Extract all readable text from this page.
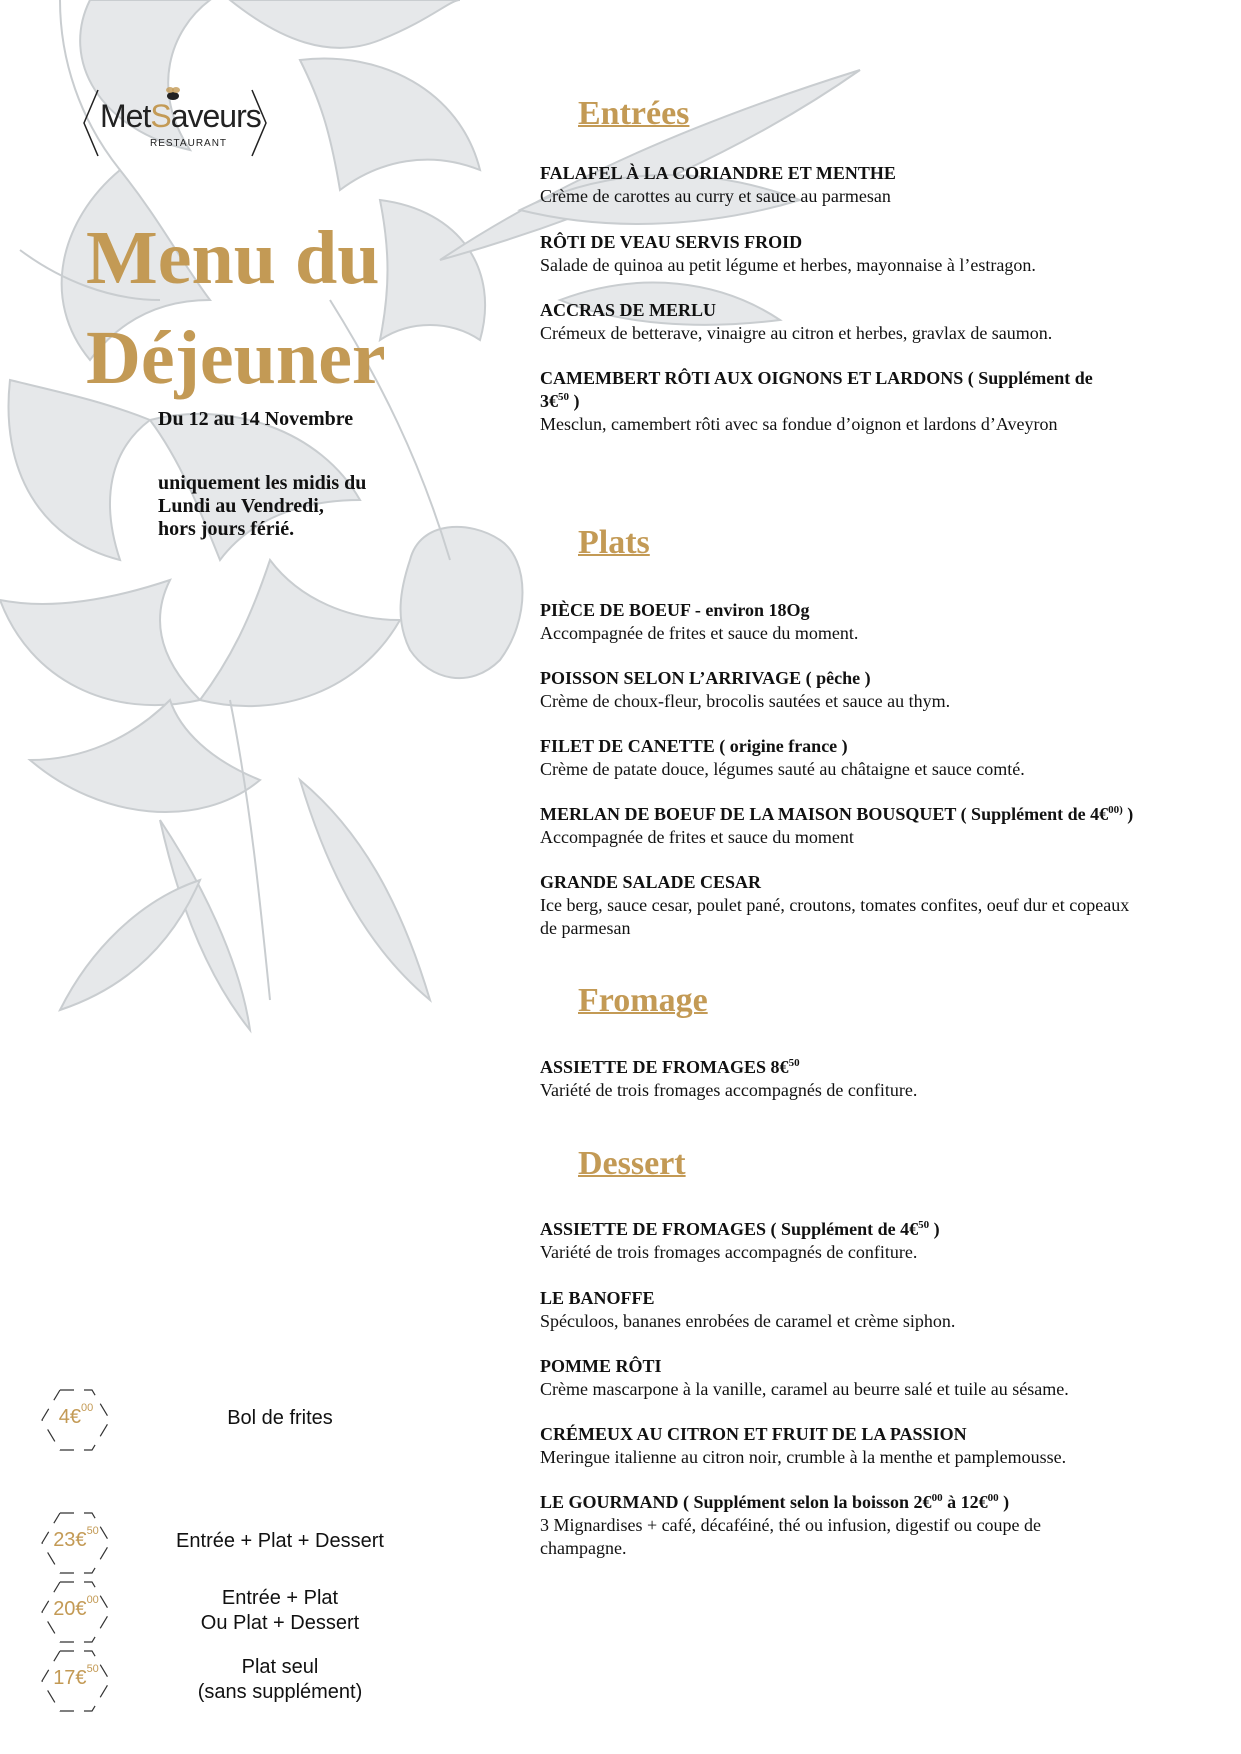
MetSaveurs
RESTAURANT
Menu du
Déjeuner
Du 12 au 14 Novembre
uniquement les midis du
Lundi au Vendredi,
hors jours férié.
Entrées
FALAFEL À LA CORIANDRE ET MENTHE
Crème de carottes au curry et sauce au parmesan
RÔTI DE VEAU SERVIS FROID
Salade de quinoa au petit légume et herbes, mayonnaise à l’estragon.
ACCRAS DE MERLU
Crémeux de betterave, vinaigre au citron et herbes, gravlax de saumon.
CAMEMBERT RÔTI AUX OIGNONS ET LARDONS ( Supplément de
3€$^{50}$ )
Mesclun, camembert rôti avec sa fondue d’oignon et lardons d’Aveyron
Plats
PIÈCE DE BOEUF - environ 18Og
Accompagnée de frites et sauce du moment.
POISSON SELON L’ARRIVAGE ( pêche )
Crème de choux-fleur, brocolis sautées et sauce au thym.
FILET DE CANETTE ( origine france )
Crème de patate douce, légumes sauté au châtaigne et sauce comté.
MERLAN DE BOEUF DE LA MAISON BOUSQUET ( Supplément de 4€$^{00)}$ )
Accompagnée de frites et sauce du moment
GRANDE SALADE CESAR
Ice berg, sauce cesar, poulet pané, croutons, tomates confites, oeuf dur et copeaux
de parmesan
Fromage
ASSIETTE DE FROMAGES 8€$^{50}$
Variété de trois fromages accompagnés de confiture.
Dessert
ASSIETTE DE FROMAGES ( Supplément de 4€$^{50}$ )
Variété de trois fromages accompagnés de confiture.
LE BANOFFE
Spéculoos, bananes enrobées de caramel et crème siphon.
POMME RÔTI
Crème mascarpone à la vanille, caramel au beurre salé et tuile au sésame.
CRÉMEUX AU CITRON ET FRUIT DE LA PASSION
Meringue italienne au citron noir, crumble à la menthe et pamplemousse.
LE GOURMAND ( Supplément selon la boisson 2€$^{00}$ à 12€$^{00}$ )
3 Mignardises + café, décaféiné, thé ou infusion, digestif ou coupe de
champagne.
4€$^{00}$	Bol de frites
23€$^{50}$	Entrée + Plat + Dessert
20€$^{00}$	Entrée + Plat
Ou Plat + Dessert
17€$^{50}$	Plat seul
(sans supplément)
